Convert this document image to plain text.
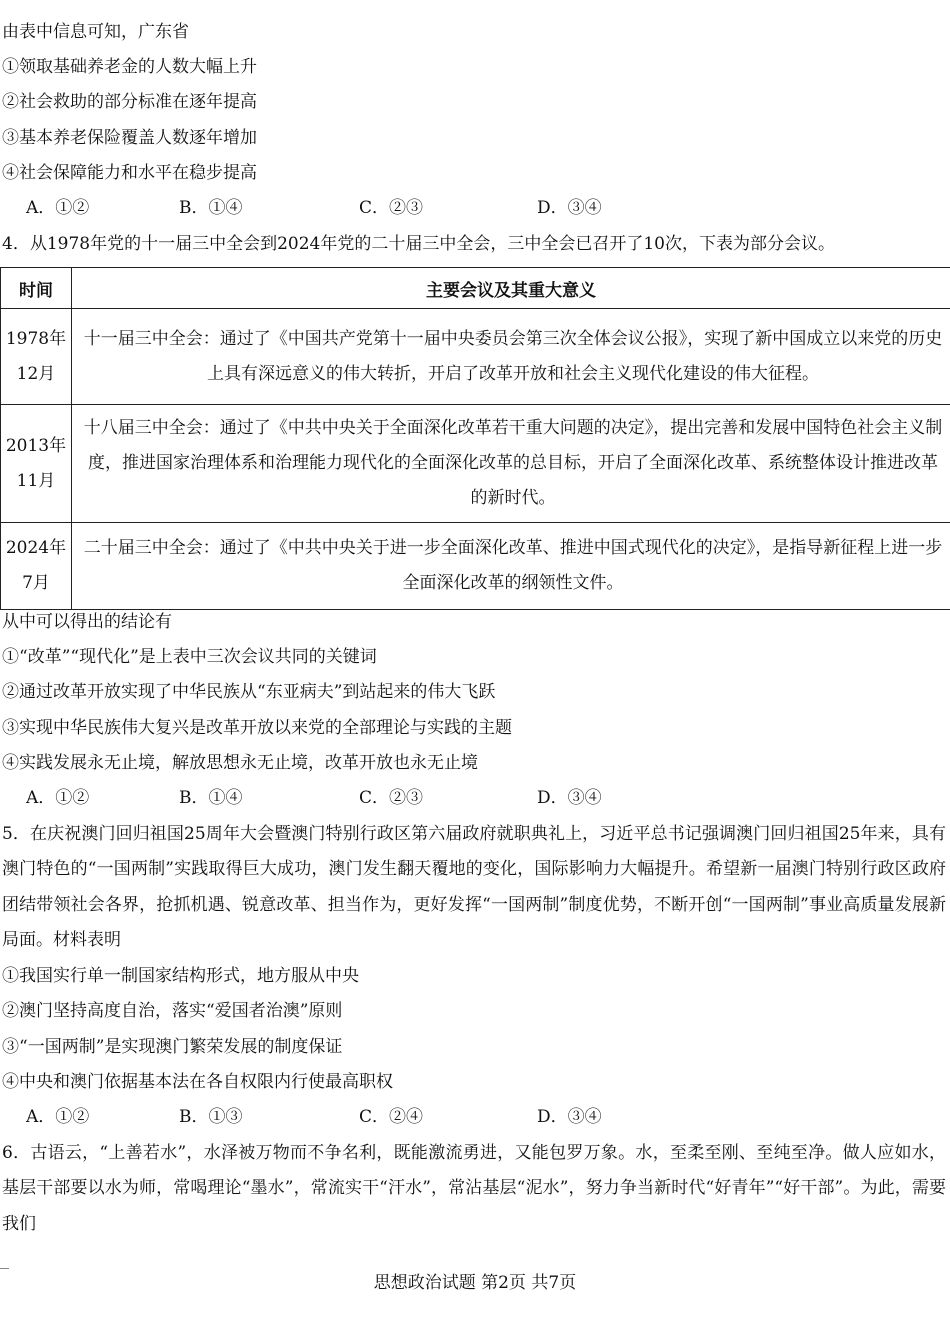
由表中信息可知，广东省
①领取基础养老金的人数大幅上升
②社会救助的部分标准在逐年提高
③基本养老保险覆盖人数逐年增加
④社会保障能力和水平在稳步提高
A．①②	B．①④	C．②③	D．③④
4．从1978年党的十一届三中全会到2024年党的二十届三中全会，三中全会已召开了10次，下表为部分会议。
时间	主要会议及其重大意义

1978年
12月	十一届三中全会：通过了《中国共产党第十一届中央委员会第三次全体会议公报》，实现了新中国成立以来党的历史上具有深远意义的伟大转折，开启了改革开放和社会主义现代化建设的伟大征程。

2013年
11月	十八届三中全会：通过了《中共中央关于全面深化改革若干重大问题的决定》，提出完善和发展中国特色社会主义制度，推进国家治理体系和治理能力现代化的全面深化改革的总目标，开启了全面深化改革、系统整体设计推进改革的新时代。

2024年
7月	二十届三中全会：通过了《中共中央关于进一步全面深化改革、推进中国式现代化的决定》，是指导新征程上进一步全面深化改革的纲领性文件。
从中可以得出的结论有
①“改革”“现代化”是上表中三次会议共同的关键词
②通过改革开放实现了中华民族从“东亚病夫”到站起来的伟大飞跃
③实现中华民族伟大复兴是改革开放以来党的全部理论与实践的主题
④实践发展永无止境，解放思想永无止境，改革开放也永无止境
A．①②	B．①④	C．②③	D．③④
5．在庆祝澳门回归祖国25周年大会暨澳门特别行政区第六届政府就职典礼上，习近平总书记强调澳门回归祖国25年来，具有澳门特色的“一国两制”实践取得巨大成功，澳门发生翻天覆地的变化，国际影响力大幅提升。希望新一届澳门特别行政区政府团结带领社会各界，抢抓机遇、锐意改革、担当作为，更好发挥“一国两制”制度优势，不断开创“一国两制”事业高质量发展新局面。材料表明
①我国实行单一制国家结构形式，地方服从中央
②澳门坚持高度自治，落实“爱国者治澳”原则
③“一国两制”是实现澳门繁荣发展的制度保证
④中央和澳门依据基本法在各自权限内行使最高职权
A．①②	B．①③	C．②④	D．③④
6．古语云，“上善若水”，水泽被万物而不争名利，既能激流勇进，又能包罗万象。水，至柔至刚、至纯至净。做人应如水，基层干部要以水为师，常喝理论“墨水”，常流实干“汗水”，常沾基层“泥水”，努力争当新时代“好青年”“好干部”。为此，需要我们
思想政治试题 第2页 共7页
